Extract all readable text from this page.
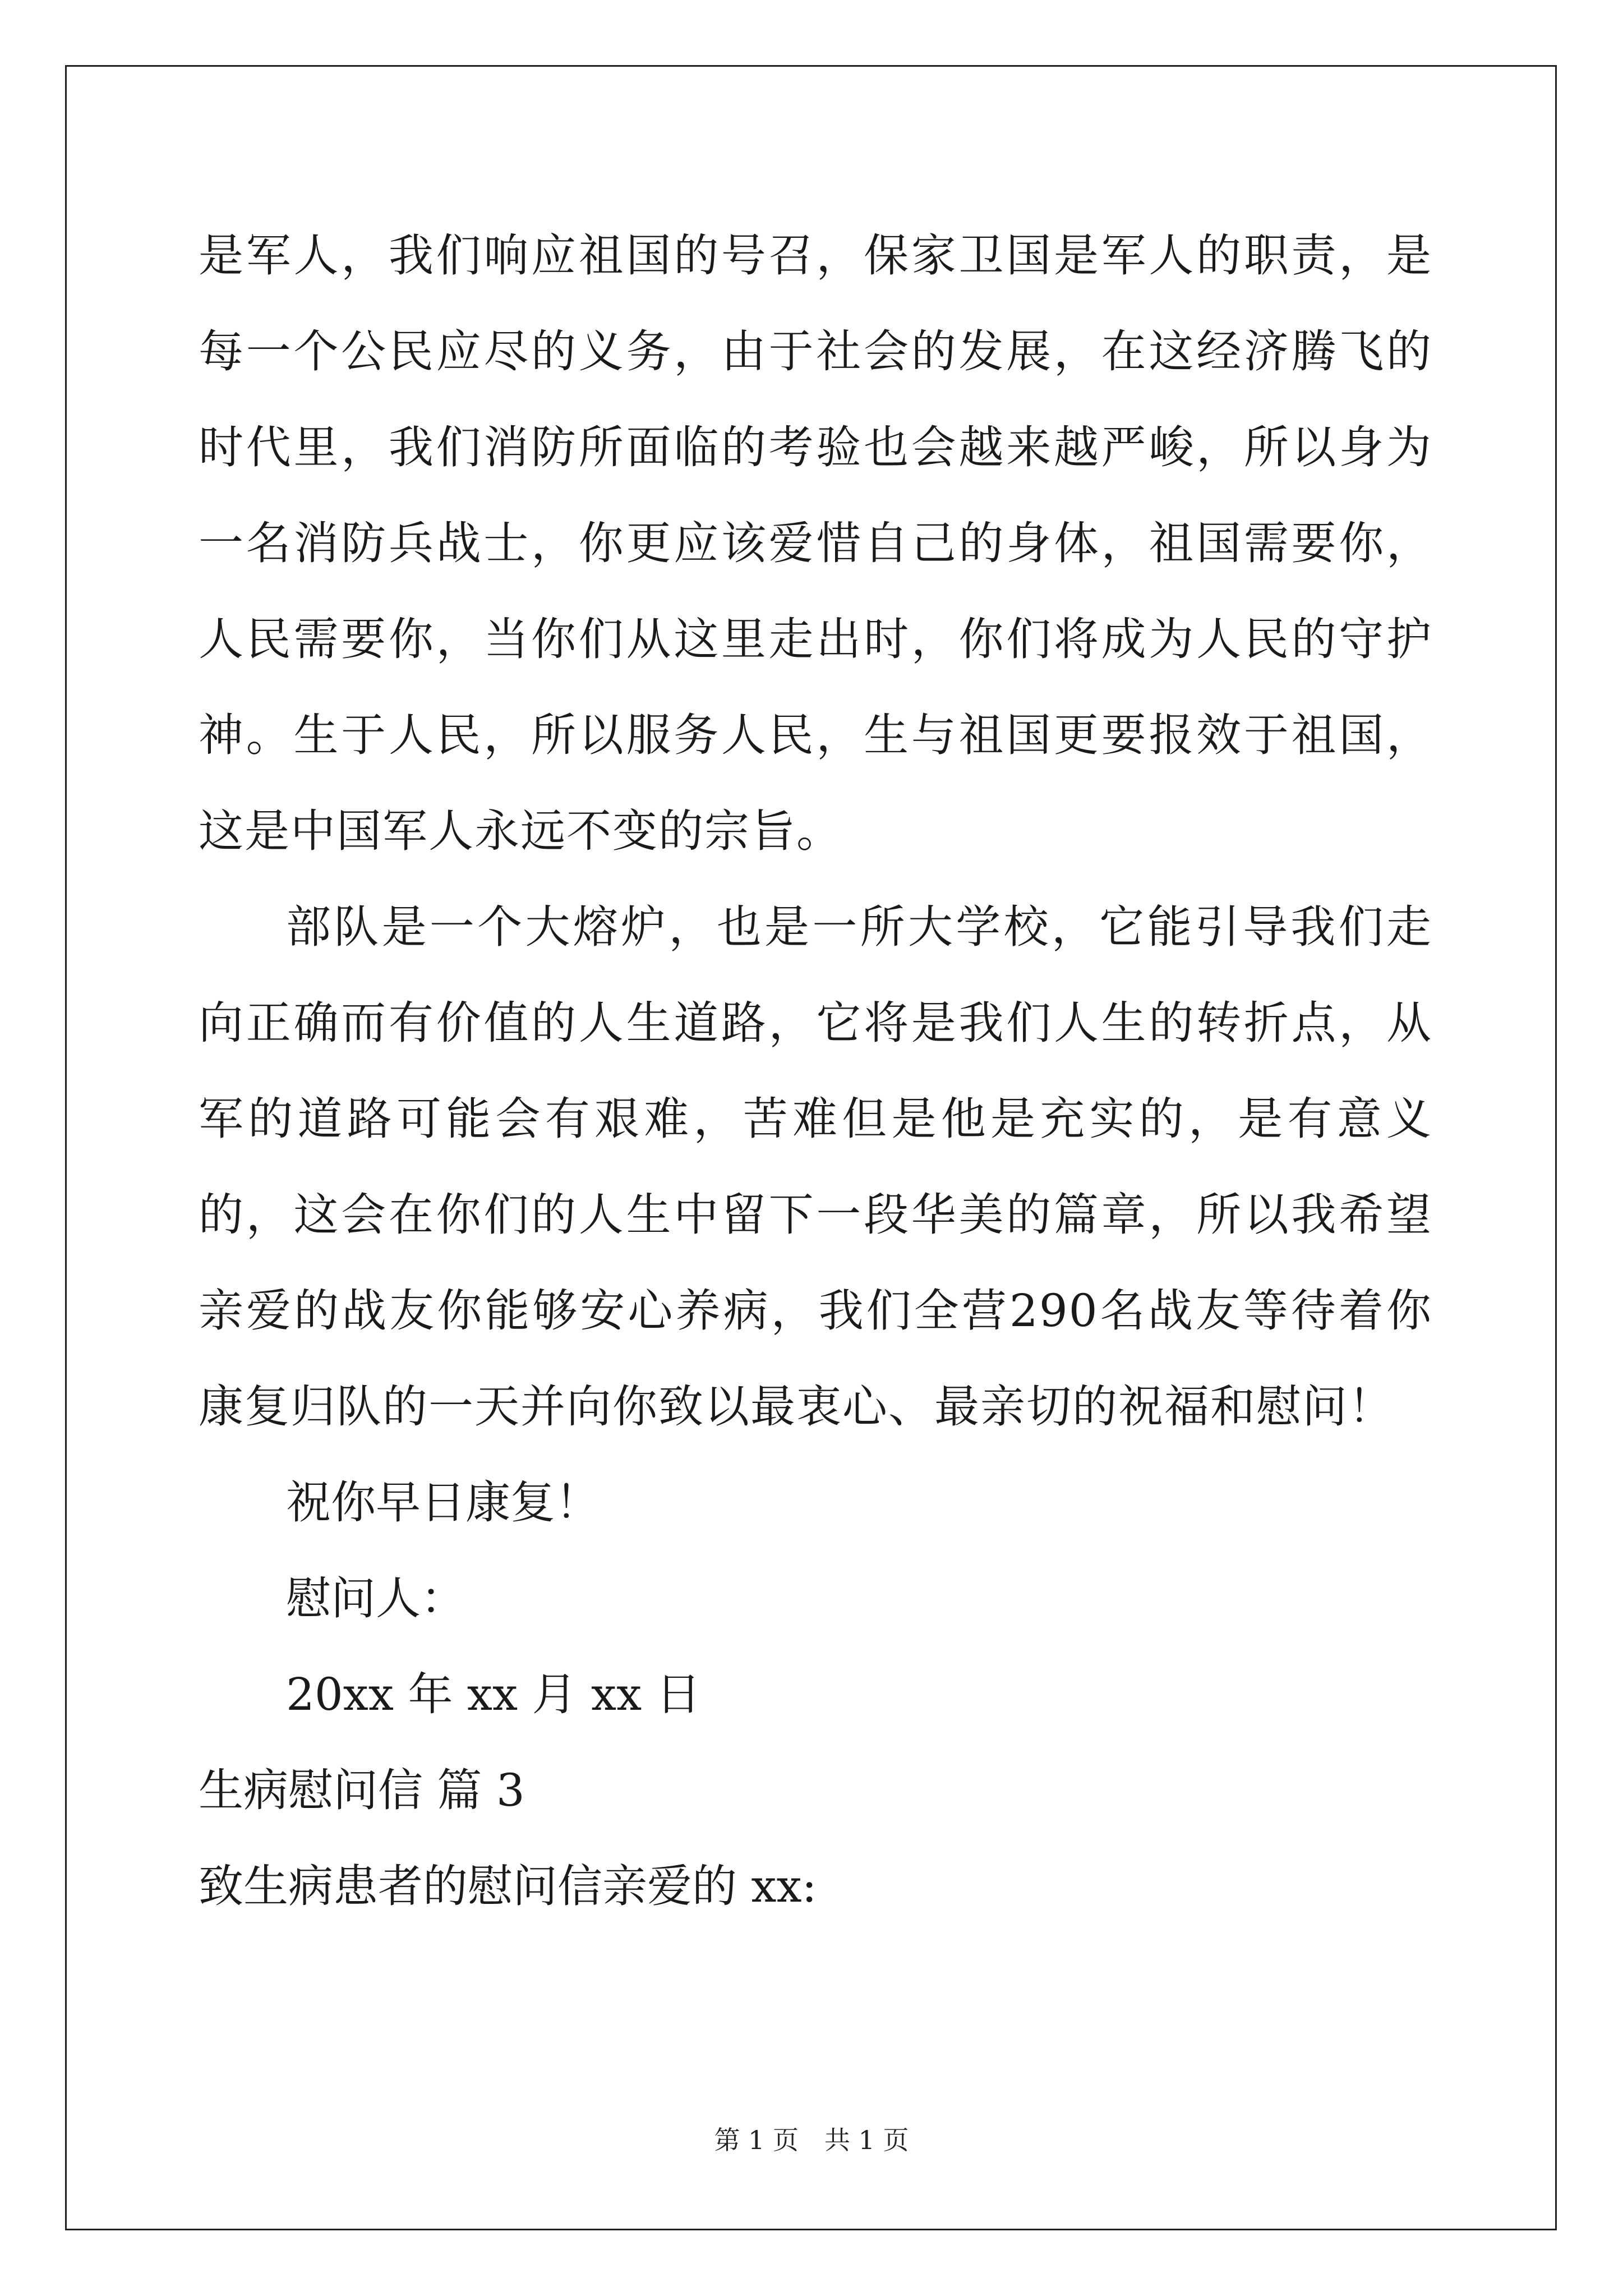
是军人，我们响应祖国的号召，保家卫国是军人的职责，是每一个公民应尽的义务，由于社会的发展，在这经济腾飞的时代里，我们消防所面临的考验也会越来越严峻，所以身为一名消防兵战士，你更应该爱惜自己的身体，祖国需要你，人民需要你，当你们从这里走出时，你们将成为人民的守护神。生于人民，所以服务人民，生与祖国更要报效于祖国，这是中国军人永远不变的宗旨。

部队是一个大熔炉，也是一所大学校，它能引导我们走向正确而有价值的人生道路，它将是我们人生的转折点，从军的道路可能会有艰难，苦难但是他是充实的，是有意义的，这会在你们的人生中留下一段华美的篇章，所以我希望亲爱的战友你能够安心养病，我们全营290名战友等待着你康复归队的一天并向你致以最衷心、最亲切的祝福和慰问！

祝你早日康复！

慰问人：

20xx 年 xx 月 xx 日

生病慰问信 篇 3

致生病患者的慰问信亲爱的 xx:

第 1 页　共 1 页
